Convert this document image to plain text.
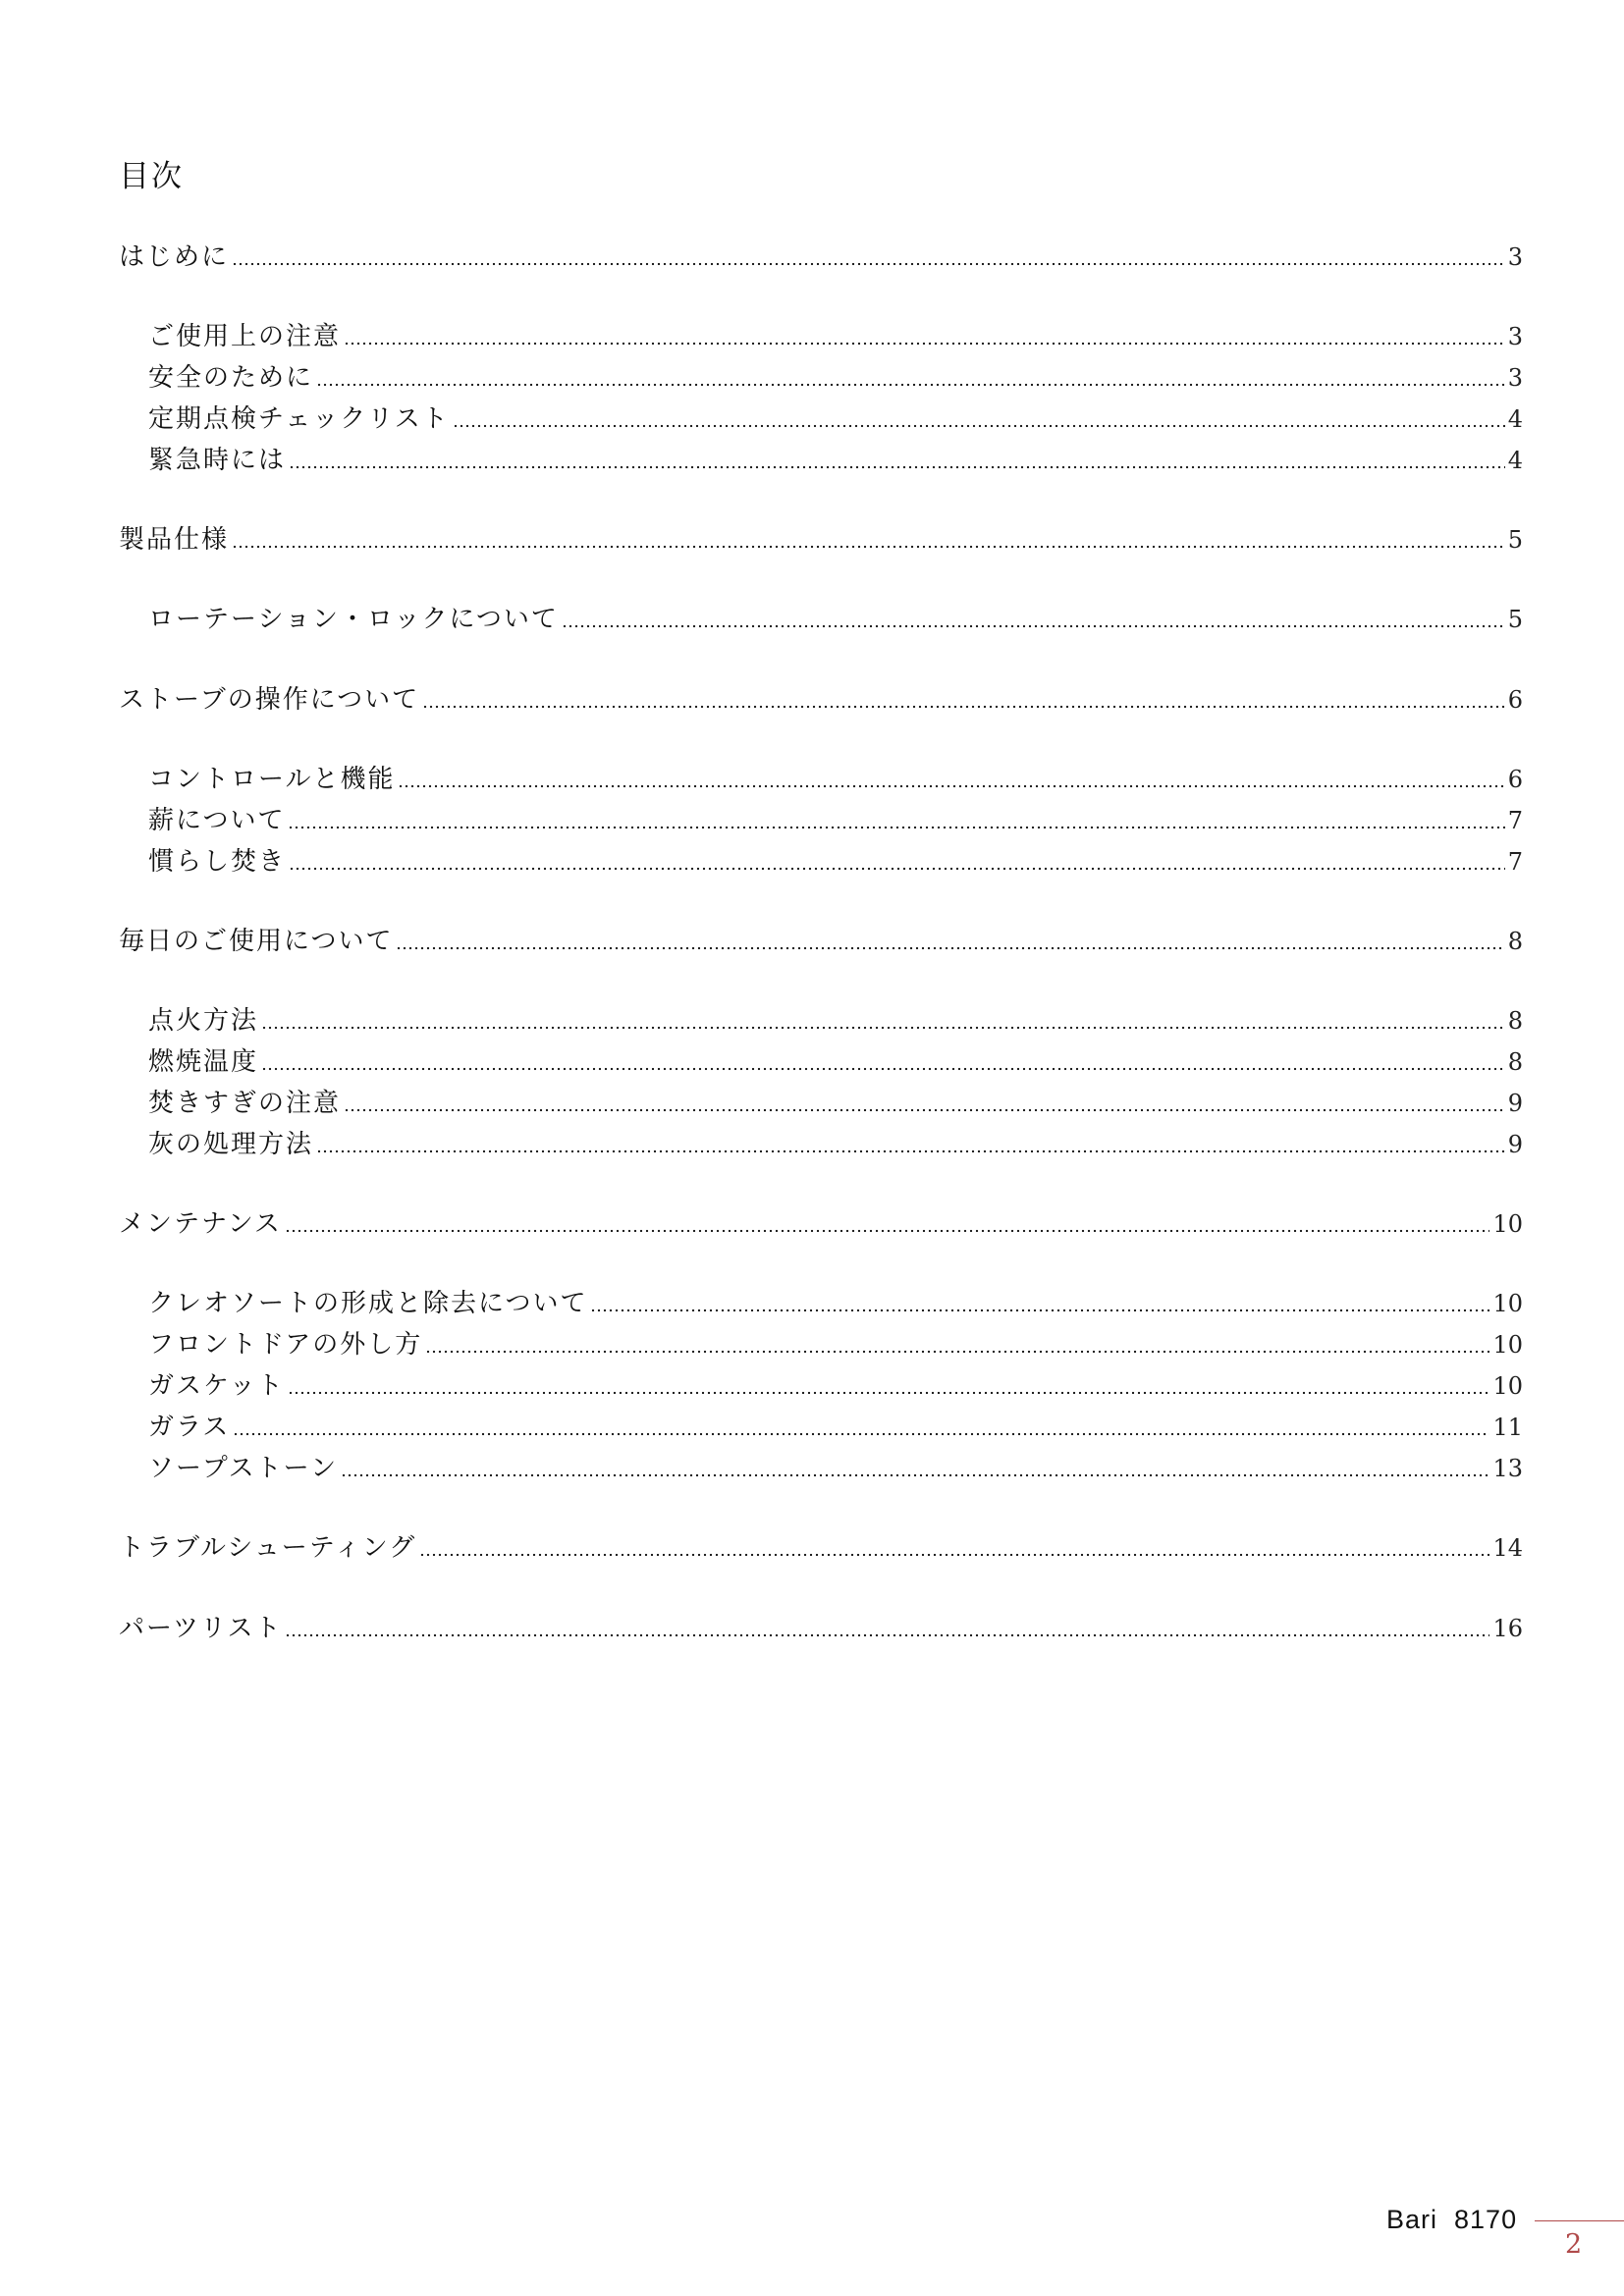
目次
はじめに	3
ご使用上の注意	3
安全のために	3
定期点検チェックリスト	4
緊急時には	4
製品仕様	5
ローテーション・ロックについて	5
ストーブの操作について	6
コントロールと機能	6
薪について	7
慣らし焚き	7
毎日のご使用について	8
点火方法	8
燃焼温度	8
焚きすぎの注意	9
灰の処理方法	9
メンテナンス	10
クレオソートの形成と除去について	10
フロントドアの外し方	10
ガスケット	10
ガラス	11
ソープストーン	13
トラブルシューティング	14
パーツリスト	16
Bari  8170
2
